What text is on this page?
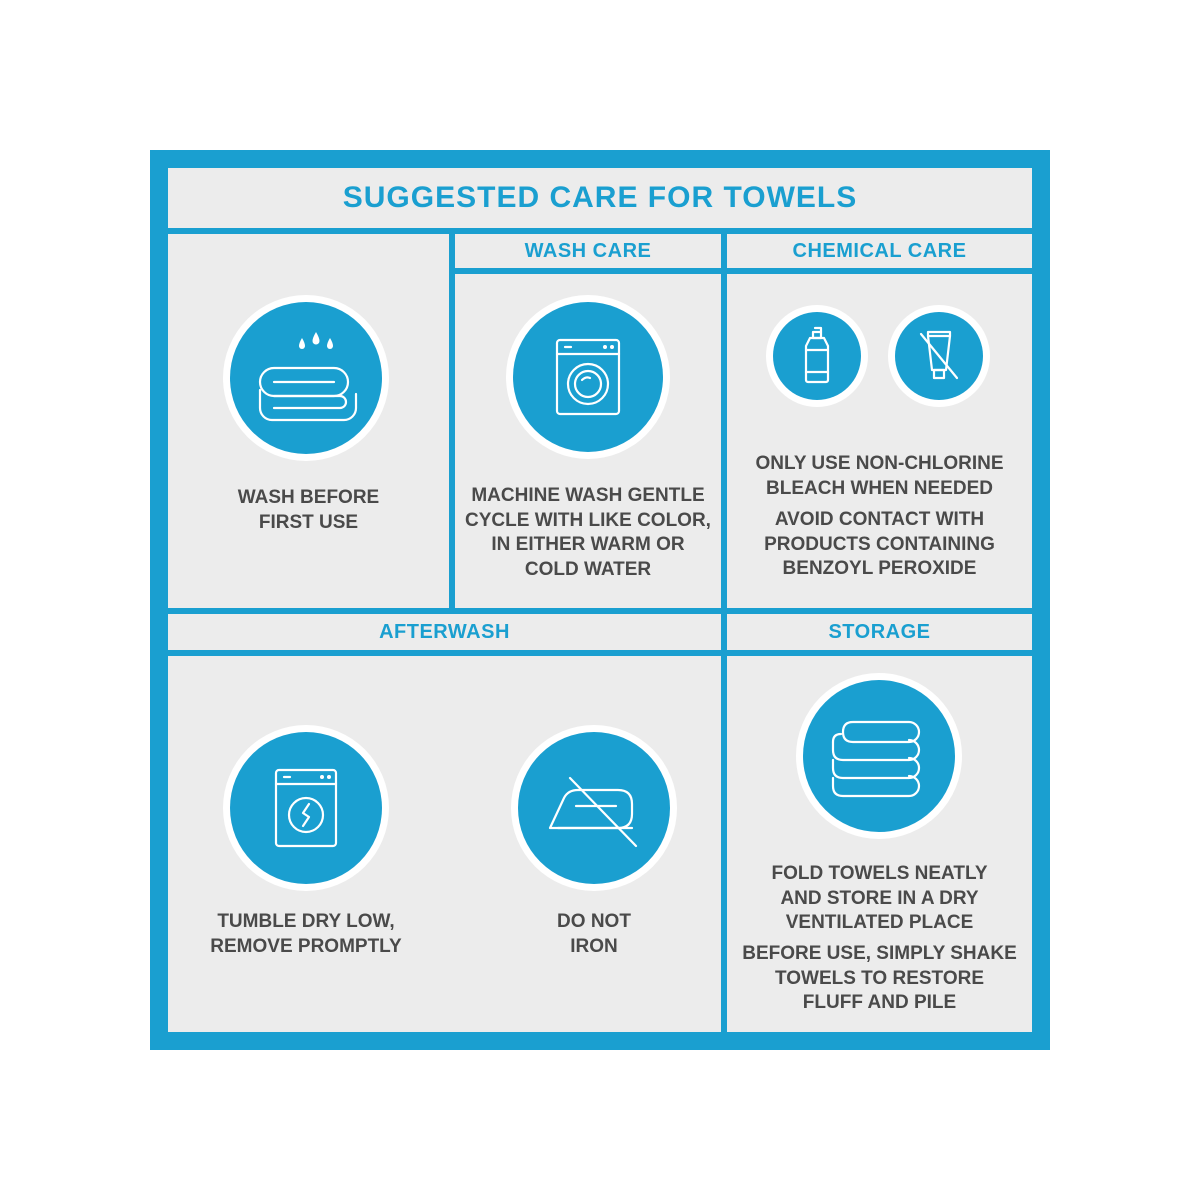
SUGGESTED CARE FOR TOWELS

WASH BEFORE
FIRST USE

WASH CARE

MACHINE WASH GENTLE
CYCLE WITH LIKE COLOR,
IN EITHER WARM OR
COLD WATER

CHEMICAL CARE

ONLY USE NON-CHLORINE
BLEACH WHEN NEEDED

AVOID CONTACT WITH
PRODUCTS CONTAINING
BENZOYL PEROXIDE

AFTERWASH

TUMBLE DRY LOW,
REMOVE PROMPTLY

DO NOT
IRON

STORAGE

FOLD TOWELS NEATLY
AND STORE IN A DRY
VENTILATED PLACE

BEFORE USE, SIMPLY SHAKE
TOWELS TO RESTORE
FLUFF AND PILE
